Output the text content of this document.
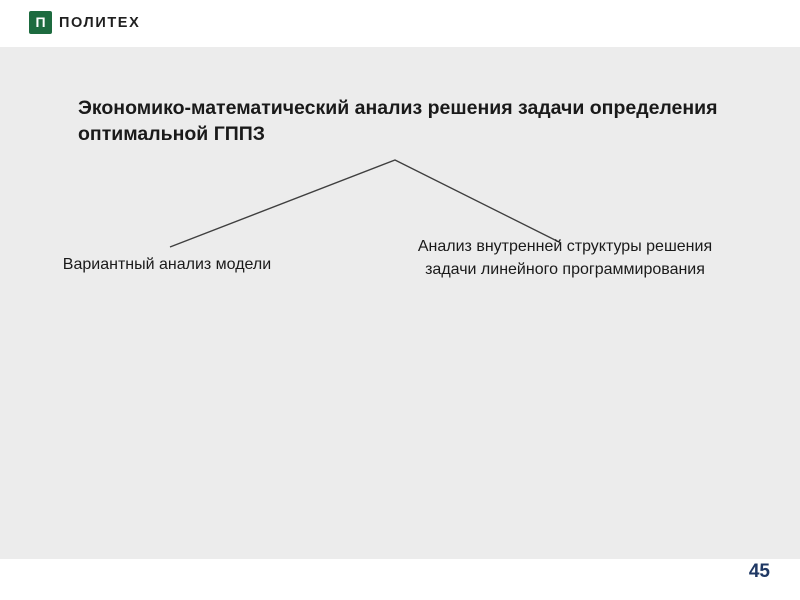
П ПОЛИТЕХ
Экономико-математический анализ решения задачи определения оптимальной ГППЗ
Вариантный анализ модели
Анализ внутренней структуры решения задачи линейного программирования
45
